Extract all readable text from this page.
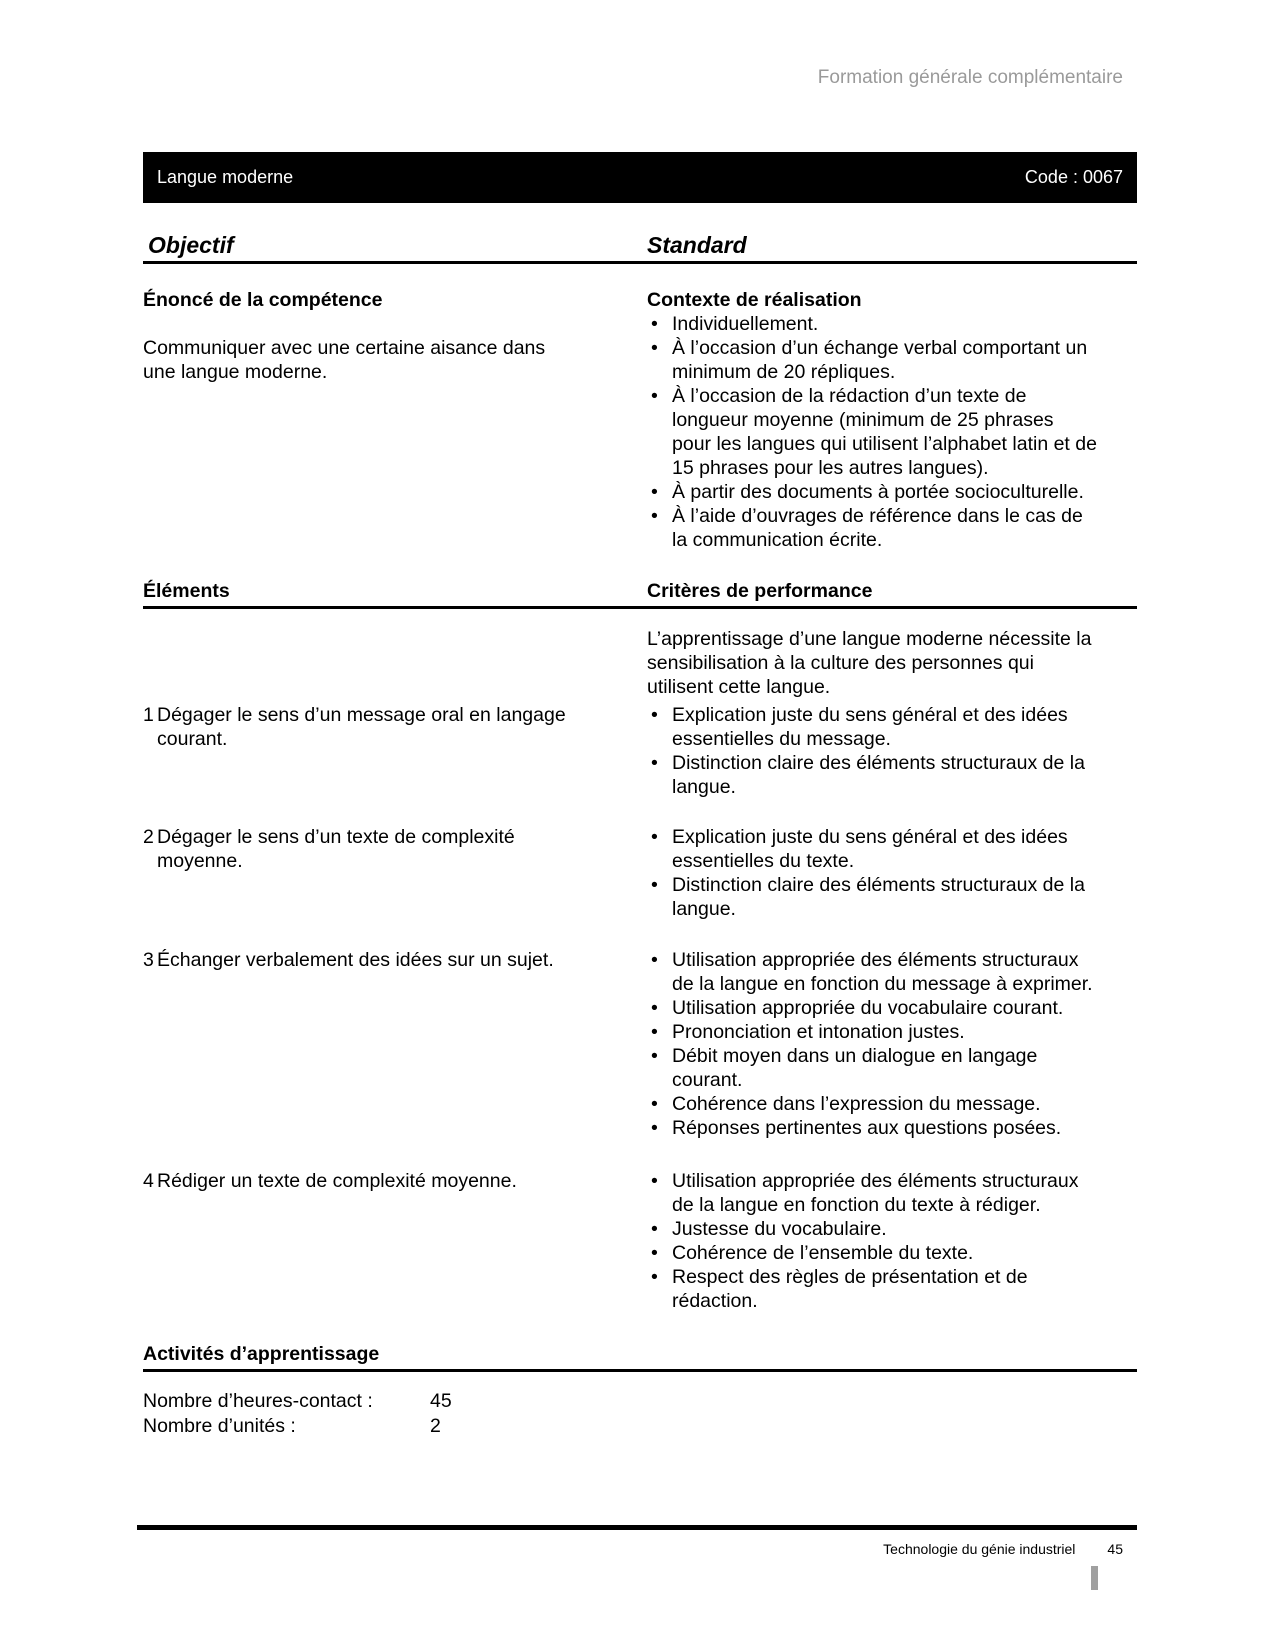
Formation générale complémentaire
Langue moderne	Code : 0067
Objectif	Standard
Énoncé de la compétence

Communiquer avec une certaine aisance dans une langue moderne.

Contexte de réalisation
• Individuellement.
• À l’occasion d’un échange verbal comportant un minimum de 20 répliques.
• À l’occasion de la rédaction d’un texte de longueur moyenne (minimum de 25 phrases pour les langues qui utilisent l’alphabet latin et de 15 phrases pour les autres langues).
• À partir des documents à portée socioculturelle.
• À l’aide d’ouvrages de référence dans le cas de la communication écrite.
Éléments	Critères de performance

L’apprentissage d’une langue moderne nécessite la sensibilisation à la culture des personnes qui utilisent cette langue.

1 Dégager le sens d’un message oral en langage courant.
• Explication juste du sens général et des idées essentielles du message.
• Distinction claire des éléments structuraux de la langue.
2 Dégager le sens d’un texte de complexité moyenne.
• Explication juste du sens général et des idées essentielles du texte.
• Distinction claire des éléments structuraux de la langue.
3 Échanger verbalement des idées sur un sujet.	• Utilisation appropriée des éléments structuraux de la langue en fonction du message à exprimer.
• Utilisation appropriée du vocabulaire courant.
• Prononciation et intonation justes.
• Débit moyen dans un dialogue en langage courant.
• Cohérence dans l’expression du message.
• Réponses pertinentes aux questions posées.
4 Rédiger un texte de complexité moyenne.	• Utilisation appropriée des éléments structuraux de la langue en fonction du texte à rédiger.
• Justesse du vocabulaire.
• Cohérence de l’ensemble du texte.
• Respect des règles de présentation et de rédaction.
Activités d’apprentissage
Nombre d’heures-contact :	45
Nombre d’unités :	2
Technologie du génie industriel 45
